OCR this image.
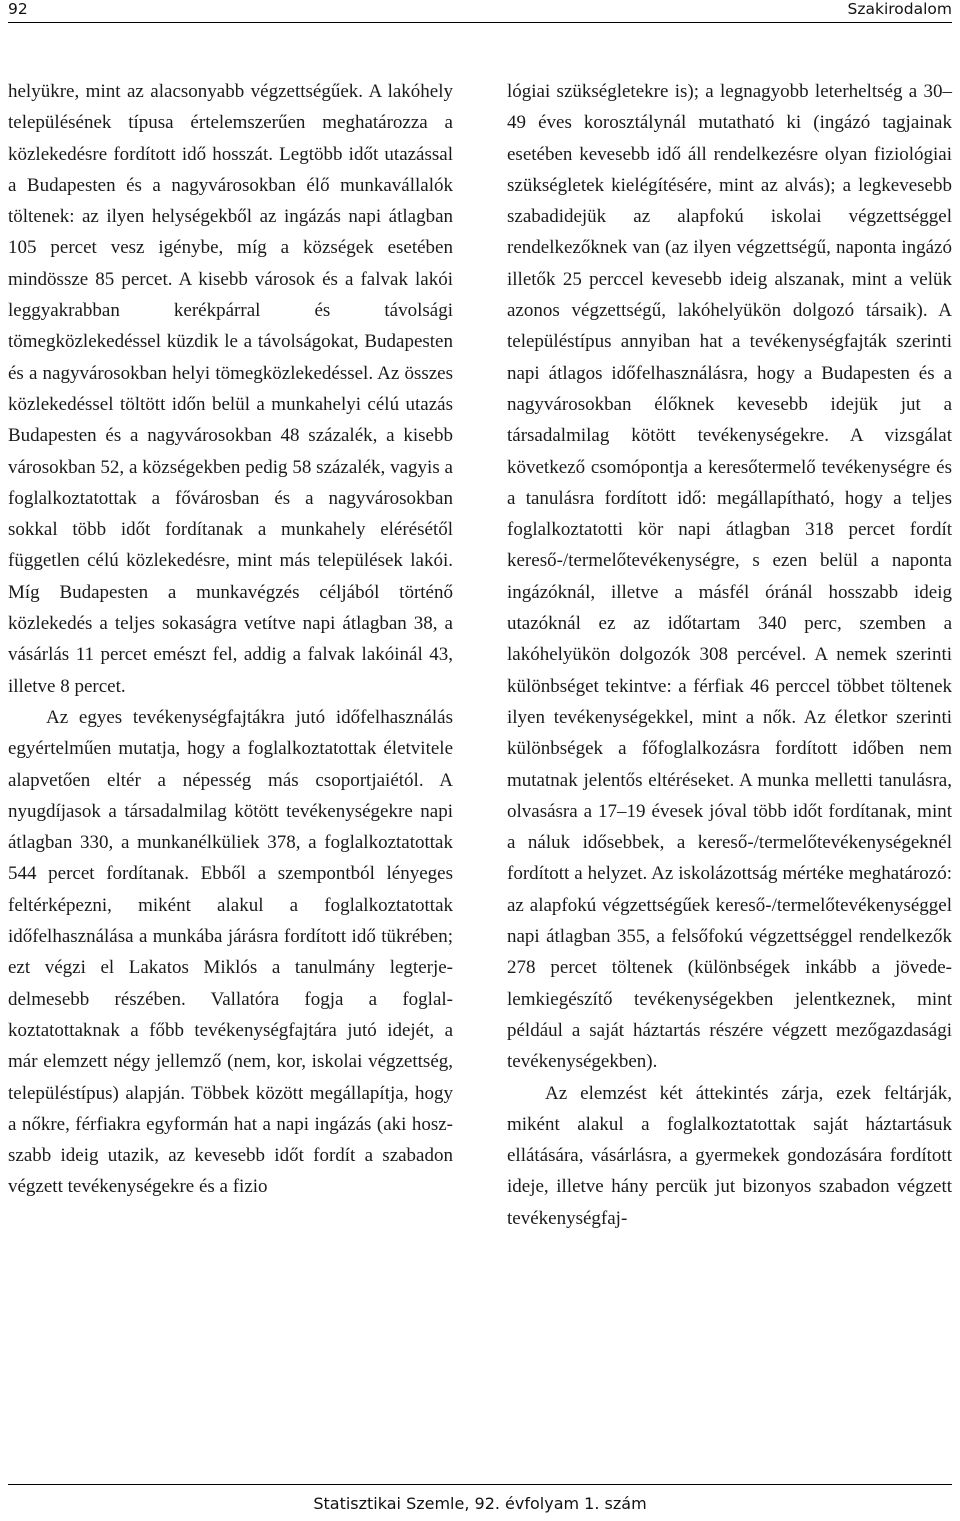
92	Szakirodalom

helyükre, mint az alacsonyabb végzettségűek. A lakóhely településének típusa értelemszerűen meghatározza a közlekedésre fordított idő hosszát. Legtöbb időt utazással a Budapesten és a nagyvárosokban élő munkavállalók töltenek: az ilyen helységekből az ingázás napi átlagban 105 percet vesz igénybe, míg a községek esetében mindössze 85 percet. A kisebb városok és a falvak lakói leggyakrabban kerékpárral és távolsági tömegközlekedéssel küzdik le a távolságokat, Budapesten és a nagyvárosokban helyi tömegközlekedéssel. Az összes közlekedéssel töltött időn belül a munkahelyi célú utazás Budapesten és a nagyvárosokban 48 százalék, a kisebb városokban 52, a községekben pedig 58 százalék, vagyis a foglalkoztatottak a fővárosban és a nagyvárosokban sokkal több időt fordítanak a munkahely elérésétől független célú közlekedésre, mint más települések lakói. Míg Budapesten a munkavégzés céljából történő közlekedés a teljes sokaságra vetítve napi átlagban 38, a vásárlás 11 percet emészt fel, addig a falvak lakóinál 43, illetve 8 percet.

Az egyes tevékenységfajtákra jutó időfelhasználás egyértelműen mutatja, hogy a foglalkoztatottak életvitele alapvetően eltér a népesség más csoportjaiétól. A nyugdíjasok a társadalmilag kötött tevékenységekre napi átlagban 330, a munkanélküliek 378, a foglalkoztatottak 544 percet fordítanak. Ebből a szempontból lényeges feltérképezni, miként alakul a foglalkoztatottak időfelhasználása a munkába járásra fordított idő tükrében; ezt végzi el Lakatos Miklós a tanulmány legterjedelmesebb részében. Vallatóra fogja a foglalkoztatottaknak a főbb tevékenységfajtára jutó idejét, a már elemzett négy jellemző (nem, kor, iskolai végzettség, településtípus) alapján. Többek között megállapítja, hogy a nőkre, férfiakra egyformán hat a napi ingázás (aki hoszszabb ideig utazik, az kevesebb időt fordít a szabadon végzett tevékenységekre és a fizio

lógiai szükségletekre is); a legnagyobb leterheltség a 30–49 éves korosztálynál mutatható ki (ingázó tagjainak esetében kevesebb idő áll rendelkezésre olyan fiziológiai szükségletek kielégítésére, mint az alvás); a legkevesebb szabadidejük az alapfokú iskolai végzettséggel rendelkezőknek van (az ilyen végzettségű, naponta ingázó illetők 25 perccel kevesebb ideig alszanak, mint a velük azonos végzettségű, lakóhelyükön dolgozó társaik). A településtípus annyiban hat a tevékenységfajták szerinti napi átlagos időfelhasználásra, hogy a Budapesten és a nagyvárosokban élőknek kevesebb idejük jut a társadalmilag kötött tevékenységekre. A vizsgálat következő csomópontja a keresőtermelő tevékenységre és a tanulásra fordított idő: megállapítható, hogy a teljes foglalkoztatotti kör napi átlagban 318 percet fordít kereső-/termelőtevékenységre, s ezen belül a naponta ingázóknál, illetve a másfél óránál hosszabb ideig utazóknál ez az időtartam 340 perc, szemben a lakóhelyükön dolgozók 308 percével. A nemek szerinti különbséget tekintve: a férfiak 46 perccel többet töltenek ilyen tevékenységekkel, mint a nők. Az életkor szerinti különbségek a főfoglalkozásra fordított időben nem mutatnak jelentős eltéréseket. A munka melletti tanulásra, olvasásra a 17–19 évesek jóval több időt fordítanak, mint a náluk idősebbek, a kereső-/termelőtevékenységeknél fordított a helyzet. Az iskolázottság mértéke meghatározó: az alapfokú végzettségűek kereső-/termelőtevékenységgel napi átlagban 355, a felsőfokú végzettséggel rendelkezők 278 percet töltenek (különbségek inkább a jövedelemkiegészítő tevékenységekben jelentkeznek, mint például a saját háztartás részére végzett mezőgazdasági tevékenységekben).

Az elemzést két áttekintés zárja, ezek feltárják, miként alakul a foglalkoztatottak saját háztartásuk ellátására, vásárlásra, a gyermekek gondozására fordított ideje, illetve hány percük jut bizonyos szabadon végzett tevékenységfaj-

Statisztikai Szemle, 92. évfolyam 1. szám
